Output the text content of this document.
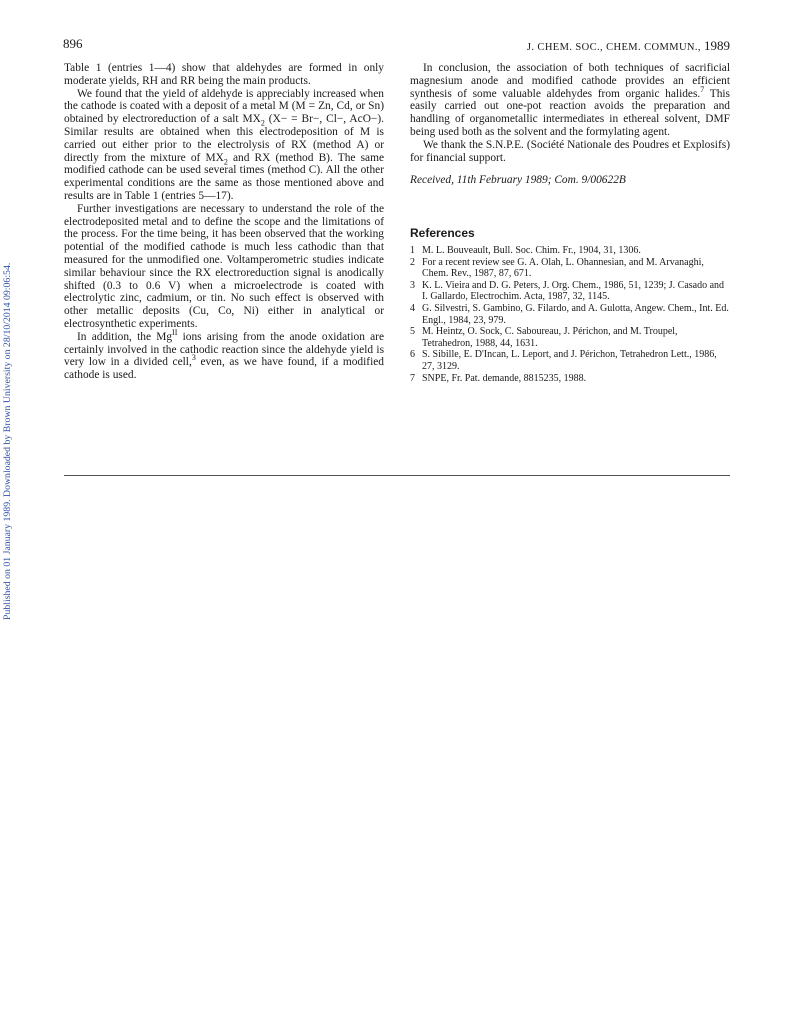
896	J. CHEM. SOC., CHEM. COMMUN., 1989
Published on 01 January 1989. Downloaded by Brown University on 28/10/2014 09:06:54.

Table 1 (entries 1—4) show that aldehydes are formed in only moderate yields, RH and RR being the main products.

We found that the yield of aldehyde is appreciably increased when the cathode is coated with a deposit of a metal M (M = Zn, Cd, or Sn) obtained by electroreduction of a salt $MX_2$ (X− = Br−, Cl−, AcO−). Similar results are obtained when this electrodeposition of M is carried out either prior to the electrolysis of RX (method A) or directly from the mixture of $MX_2$ and RX (method B). The same modified cathode can be used several times (method C). All the other experimental conditions are the same as those mentioned above and results are in Table 1 (entries 5—17).

Further investigations are necessary to understand the role of the electrodeposited metal and to define the scope and the limitations of the process. For the time being, it has been observed that the working potential of the modified cathode is much less cathodic than that measured for the unmodified one. Voltamperometric studies indicate similar behaviour since the RX electroreduction signal is anodically shifted (0.3 to 0.6 V) when a microelectrode is coated with electrolytic zinc, cadmium, or tin. No such effect is observed with other metallic deposits (Cu, Co, Ni) either in analytical or electrosynthetic experiments.

In addition, the $Mg^{II}$ ions arising from the anode oxidation are certainly involved in the cathodic reaction since the aldehyde yield is very low in a divided cell,$^3$ even, as we have found, if a modified cathode is used.

In conclusion, the association of both techniques of sacrificial magnesium anode and modified cathode provides an efficient synthesis of some valuable aldehydes from organic halides.$^7$ This easily carried out one-pot reaction avoids the preparation and handling of organometallic intermediates in ethereal solvent, DMF being used both as the solvent and the formylating agent.

We thank the S.N.P.E. (Société Nationale des Poudres et Explosifs) for financial support.

Received, 11th February 1989; Com. 9/00622B

References
1 M. L. Bouveault, Bull. Soc. Chim. Fr., 1904, 31, 1306.
2 For a recent review see G. A. Olah, L. Ohannesian, and M. Arvanaghi, Chem. Rev., 1987, 87, 671.
3 K. L. Vieira and D. G. Peters, J. Org. Chem., 1986, 51, 1239; J. Casado and I. Gallardo, Electrochim. Acta, 1987, 32, 1145.
4 G. Silvestri, S. Gambino, G. Filardo, and A. Gulotta, Angew. Chem., Int. Ed. Engl., 1984, 23, 979.
5 M. Heintz, O. Sock, C. Saboureau, J. Périchon, and M. Troupel, Tetrahedron, 1988, 44, 1631.
6 S. Sibille, E. D'Incan, L. Leport, and J. Périchon, Tetrahedron Lett., 1986, 27, 3129.
7 SNPE, Fr. Pat. demande, 8815235, 1988.
